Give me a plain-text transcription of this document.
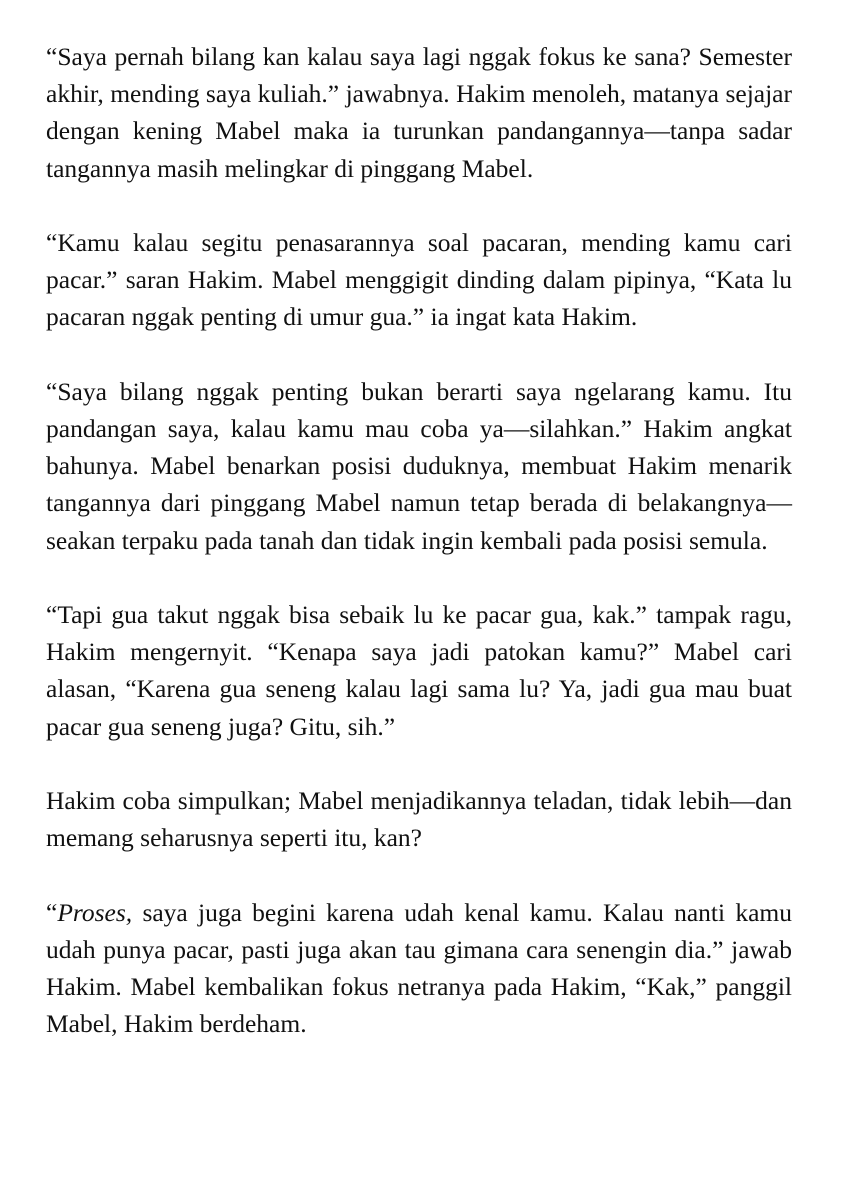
“Saya pernah bilang kan kalau saya lagi nggak fokus ke sana? Semester akhir, mending saya kuliah.” jawabnya. Hakim menoleh, matanya sejajar dengan kening Mabel maka ia turunkan pandangannya—tanpa sadar tangannya masih melingkar di pinggang Mabel.

“Kamu kalau segitu penasarannya soal pacaran, mending kamu cari pacar.” saran Hakim. Mabel menggigit dinding dalam pipinya, “Kata lu pacaran nggak penting di umur gua.” ia ingat kata Hakim.

“Saya bilang nggak penting bukan berarti saya ngelarang kamu. Itu pandangan saya, kalau kamu mau coba ya—silahkan.” Hakim angkat bahunya. Mabel benarkan posisi duduknya, membuat Hakim menarik tangannya dari pinggang Mabel namun tetap berada di belakangnya—seakan terpaku pada tanah dan tidak ingin kembali pada posisi semula.

“Tapi gua takut nggak bisa sebaik lu ke pacar gua, kak.” tampak ragu, Hakim mengernyit. “Kenapa saya jadi patokan kamu?” Mabel cari alasan, “Karena gua seneng kalau lagi sama lu? Ya, jadi gua mau buat pacar gua seneng juga? Gitu, sih.”

Hakim coba simpulkan; Mabel menjadikannya teladan, tidak lebih—dan memang seharusnya seperti itu, kan?

“Proses, saya juga begini karena udah kenal kamu. Kalau nanti kamu udah punya pacar, pasti juga akan tau gimana cara senengin dia.” jawab Hakim. Mabel kembalikan fokus netranya pada Hakim, “Kak,” panggil Mabel, Hakim berdeham.
